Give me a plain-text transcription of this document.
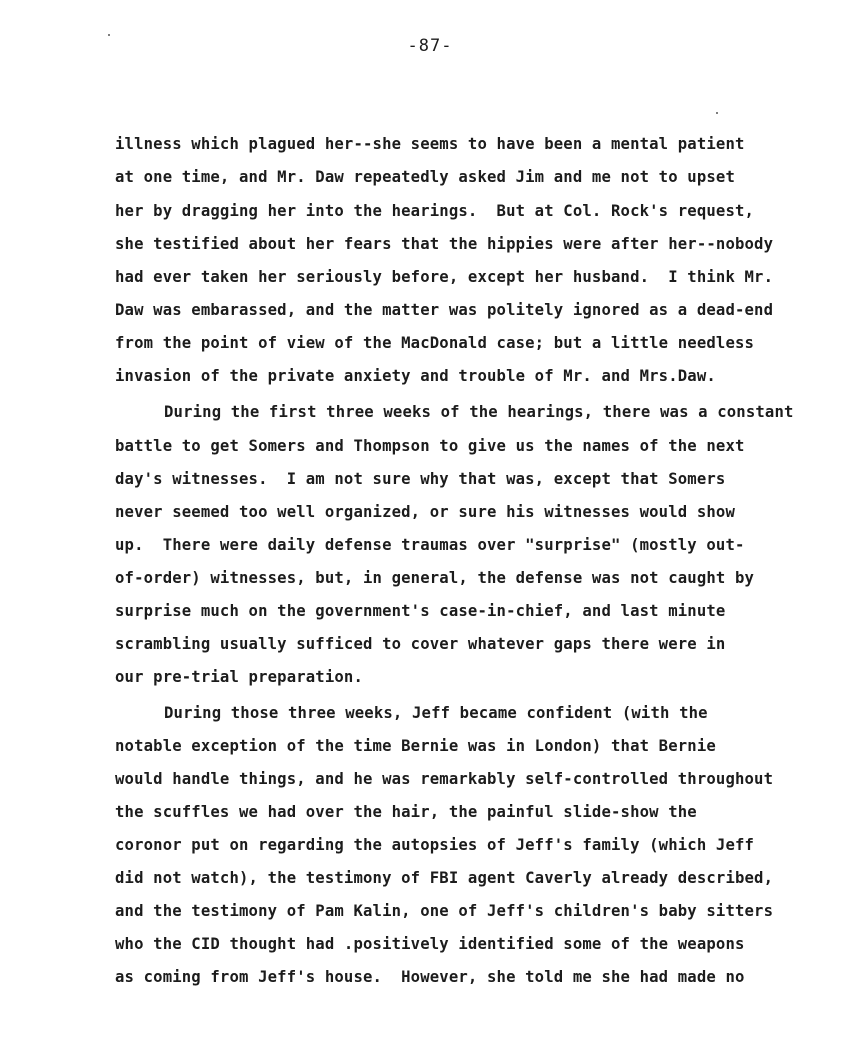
-87-
illness which plagued her--she seems to have been a mental patient
at one time, and Mr. Daw repeatedly asked Jim and me not to upset
her by dragging her into the hearings.  But at Col. Rock's request,
she testified about her fears that the hippies were after her--nobody
had ever taken her seriously before, except her husband.  I think Mr.
Daw was embarassed, and the matter was politely ignored as a dead-end
from the point of view of the MacDonald case; but a little needless
invasion of the private anxiety and trouble of Mr. and Mrs.Daw.
During the first three weeks of the hearings, there was a constant
battle to get Somers and Thompson to give us the names of the next
day's witnesses.  I am not sure why that was, except that Somers
never seemed too well organized, or sure his witnesses would show
up.  There were daily defense traumas over "surprise" (mostly out-
of-order) witnesses, but, in general, the defense was not caught by
surprise much on the government's case-in-chief, and last minute
scrambling usually sufficed to cover whatever gaps there were in
our pre-trial preparation.
During those three weeks, Jeff became confident (with the
notable exception of the time Bernie was in London) that Bernie
would handle things, and he was remarkably self-controlled throughout
the scuffles we had over the hair, the painful slide-show the
coronor put on regarding the autopsies of Jeff's family (which Jeff
did not watch), the testimony of FBI agent Caverly already described,
and the testimony of Pam Kalin, one of Jeff's children's baby sitters
who the CID thought had .positively identified some of the weapons
as coming from Jeff's house.  However, she told me she had made no
